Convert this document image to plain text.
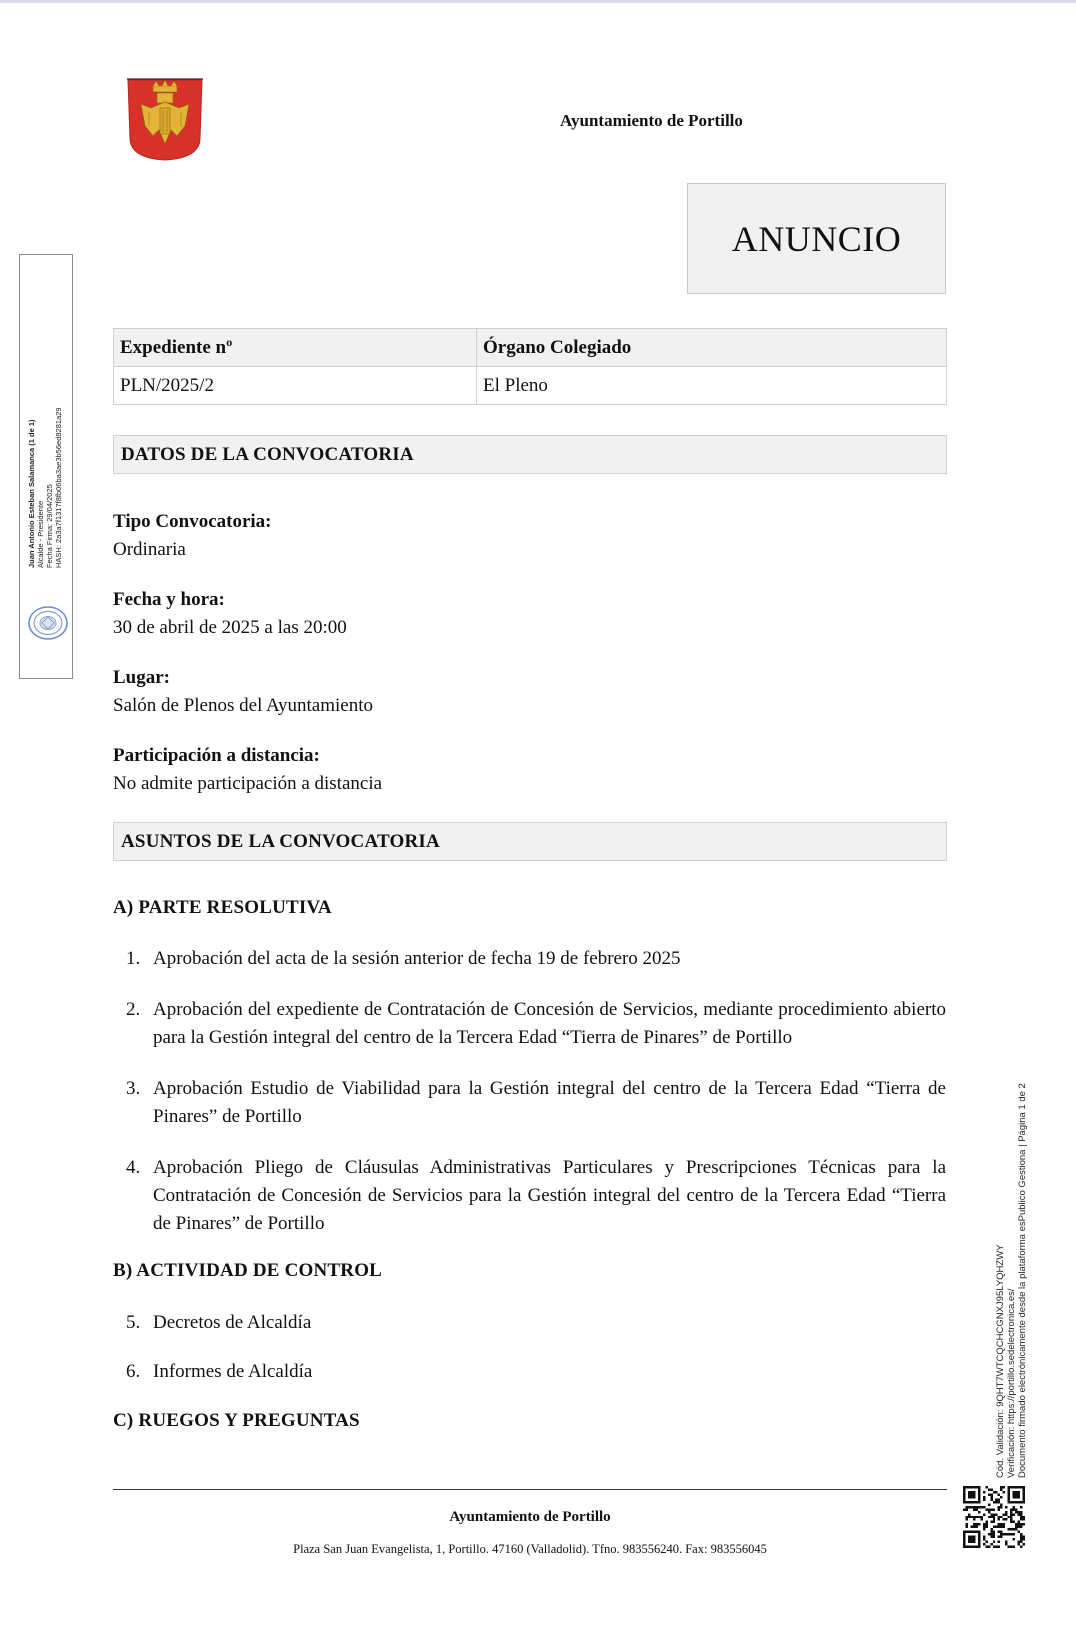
Ayuntamiento de Portillo
ANUNCIO
Juan Antonio Esteban Salamanca (1 de 1) Alcalde - Presidente Fecha Firma: 29/04/2025 HASH: 2a3a7f1317f8fb06ba3ae3b56ed8281a29
Expediente nº	Órgano Colegiado
PLN/2025/2	El Pleno
DATOS DE LA CONVOCATORIA
Tipo Convocatoria:
Ordinaria
Fecha y hora:
30 de abril de 2025 a las 20:00
Lugar:
Salón de Plenos del Ayuntamiento
Participación a distancia:
No admite participación a distancia
ASUNTOS DE LA CONVOCATORIA
A) PARTE RESOLUTIVA
1. Aprobación del acta de la sesión anterior de fecha 19 de febrero 2025
2. Aprobación del expediente de Contratación de Concesión de Servicios, mediante procedimiento abierto para la Gestión integral del centro de la Tercera Edad “Tierra de Pinares” de Portillo
3. Aprobación Estudio de Viabilidad para la Gestión integral del centro de la Tercera Edad “Tierra de Pinares” de Portillo
4. Aprobación Pliego de Cláusulas Administrativas Particulares y Prescripciones Técnicas para la Contratación de Concesión de Servicios para la Gestión integral del centro de la Tercera Edad “Tierra de Pinares” de Portillo
B) ACTIVIDAD DE CONTROL
5. Decretos de Alcaldía
6. Informes de Alcaldía
C) RUEGOS Y PREGUNTAS
Ayuntamiento de Portillo
Plaza San Juan Evangelista, 1, Portillo. 47160 (Valladolid). Tfno. 983556240. Fax: 983556045
Cód. Validación: 9QHT7WTCQCHCGNXJ95LYQHZWY Verificación: https://portillo.sedelectronica.es/ Documento firmado electrónicamente desde la plataforma esPublico Gestiona | Página 1 de 2
